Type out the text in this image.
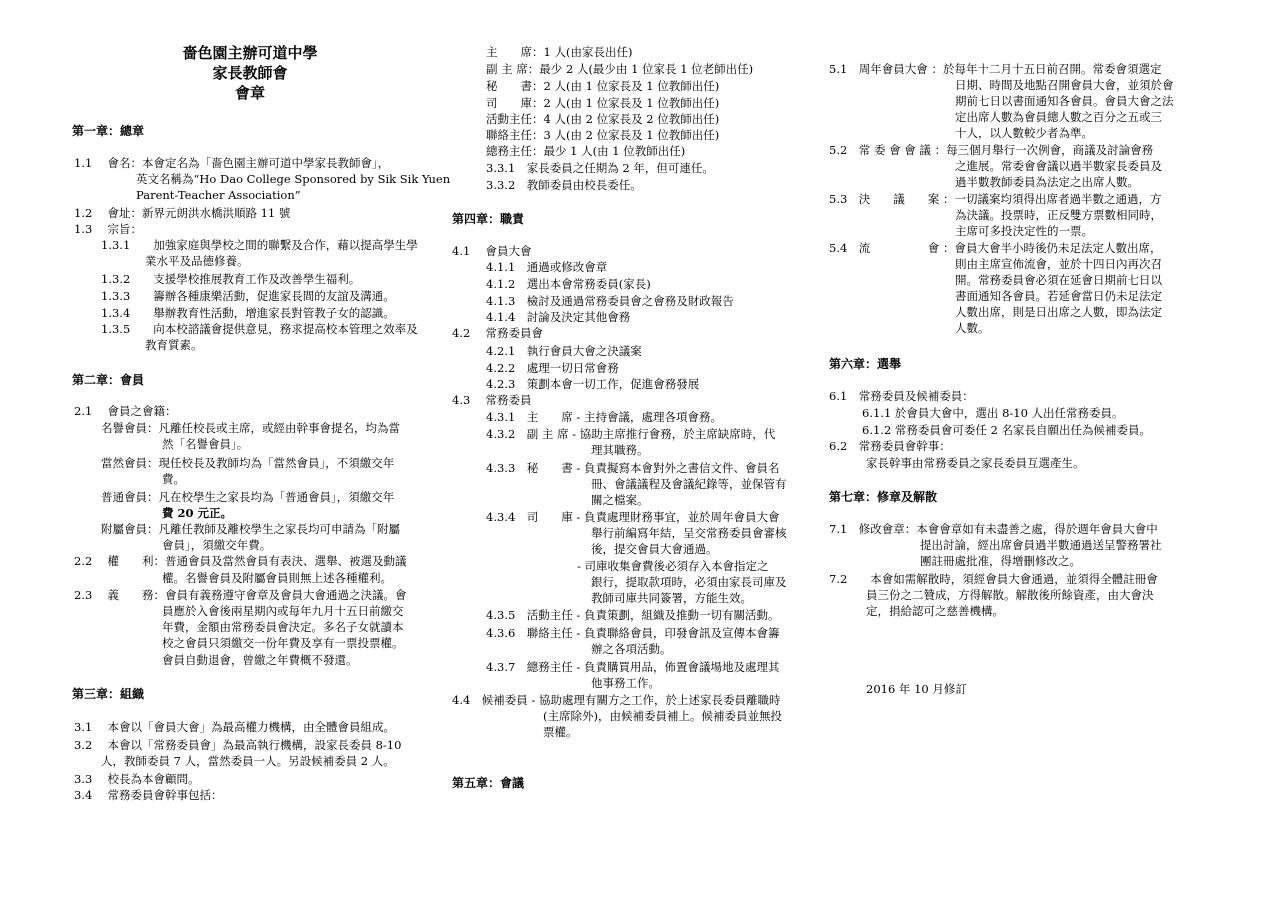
嗇色園主辦可道中學
家長教師會
會章
第一章：總章
1.1　 會名：本會定名為「嗇色園主辦可道中學家長教師會」，
英文名稱為“Ho Dao College Sponsored by Sik Sik Yuen
Parent-Teacher Association”
1.2　 會址：新界元朗洪水橋洪順路 11 號
1.3　 宗旨：
1.3.1　　加強家庭與學校之間的聯繫及合作，藉以提高學生學
業水平及品德修養。
1.3.2　　支援學校推展教育工作及改善學生福利。
1.3.3　　籌辦各種康樂活動，促進家長間的友誼及溝通。
1.3.4　　舉辦教育性活動，增進家長對管教子女的認識。
1.3.5　　向本校諮議會提供意見，務求提高校本管理之效率及
教育質素。
第二章：會員
2.1　 會員之會籍：
名譽會員：凡離任校長或主席，或經由幹事會提名，均為當
然「名譽會員」。
當然會員：現任校長及教師均為「當然會員」，不須繳交年
費。
普通會員：凡在校學生之家長均為「普通會員」，須繳交年
費 20 元正。
附屬會員：凡離任教師及離校學生之家長均可申請為「附屬
會員」，須繳交年費。
2.2　 權　　利：普通會員及當然會員有表決、選舉、被選及動議
權。名譽會員及附屬會員則無上述各種權利。
2.3　 義　　務：會員有義務遵守會章及會員大會通過之決議。會
員應於入會後兩星期內或每年九月十五日前繳交
年費，金額由常務委員會決定。多名子女就讀本
校之會員只須繳交一份年費及享有一票投票權。
會員自動退會，曾繳之年費概不發還。
第三章：組織
3.1　 本會以「會員大會」為最高權力機構，由全體會員組成。
3.2　 本會以「常務委員會」為最高執行機構，設家長委員 8-10
人，教師委員 7 人，當然委員一人。另設候補委員 2 人。
3.3　 校長為本會顧問。
3.4　 常務委員會幹事包括：
主　　席：1 人(由家長出任)
副 主 席：最少 2 人(最少由 1 位家長 1 位老師出任)
秘　　書：2 人(由 1 位家長及 1 位教師出任)
司　　庫：2 人(由 1 位家長及 1 位教師出任)
活動主任：4 人(由 2 位家長及 2 位教師出任)
聯絡主任：3 人(由 2 位家長及 1 位教師出任)
總務主任：最少 1 人(由 1 位教師出任)
3.3.1　家長委員之任期為 2 年，但可連任。
3.3.2　教師委員由校長委任。
第四章：職責
4.1　 會員大會
4.1.1　通過或修改會章
4.1.2　選出本會常務委員(家長)
4.1.3　檢討及通過常務委員會之會務及財政報告
4.1.4　討論及決定其他會務
4.2　 常務委員會
4.2.1　執行會員大會之決議案
4.2.2　處理一切日常會務
4.2.3　策劃本會一切工作，促進會務發展
4.3　 常務委員
4.3.1　主　　席 - 主持會議，處理各項會務。
4.3.2　副 主 席 - 協助主席推行會務，於主席缺席時，代
理其職務。
4.3.3　秘　　書 - 負責擬寫本會對外之書信文件、會員名
冊、會議議程及會議紀錄等，並保管有
關之檔案。
4.3.4　司　　庫 - 負責處理財務事宜，並於周年會員大會
舉行前編寫年結，呈交常務委員會審核
後，提交會員大會通過。
- 司庫收集會費後必須存入本會指定之
銀行，提取款項時，必須由家長司庫及
教師司庫共同簽署，方能生效。
4.3.5　活動主任 - 負責策劃，組織及推動一切有關活動。
4.3.6　聯絡主任 - 負責聯絡會員，印發會訊及宣傳本會籌
辦之各項活動。
4.3.7　總務主任 - 負責購買用品，佈置會議場地及處理其
他事務工作。
4.4　候補委員 - 協助處理有關方之工作，於上述家長委員離職時
(主席除外)，由候補委員補上。候補委員並無投
票權。
第五章：會議
5.1　周年會員大會 ：於每年十二月十五日前召開。常委會須選定
日期、時間及地點召開會員大會，並須於會
期前七日以書面通知各會員。會員大會之法
定出席人數為會員總人數之百分之五或三
十人，以人數較少者為準。
5.2　常 委 會 會 議 ：每三個月舉行一次例會，商議及討論會務
之進展。常委會會議以過半數家長委員及
過半數教師委員為法定之出席人數。
5.3　決　　議　　案 ：一切議案均須得出席者過半數之通過，方
為決議。投票時，正反雙方票數相同時，
主席可多投決定性的一票。
5.4　流　　　　　會 ：會員大會半小時後仍未足法定人數出席，
則由主席宣佈流會，並於十四日內再次召
開。常務委員會必須在延會日期前七日以
書面通知各會員。若延會當日仍未足法定
人數出席，則是日出席之人數，即為法定
人數。
第六章：選舉
6.1　常務委員及候補委員：
6.1.1 於會員大會中，選出 8-10 人出任常務委員。
6.1.2 常務委員會可委任 2 名家長自願出任為候補委員。
6.2　常務委員會幹事：
家長幹事由常務委員之家長委員互選產生。
第七章：修章及解散
7.1　修改會章：本會會章如有未盡善之處，得於週年會員大會中
提出討論，經出席會員過半數通過送呈警務署社
團註冊處批准，得增刪修改之。
7.2　　本會如需解散時，須經會員大會通過，並須得全體註冊會
員三份之二贊成，方得解散。解散後所餘資產，由大會決
定，捐給認可之慈善機構。
2016 年 10 月修訂
